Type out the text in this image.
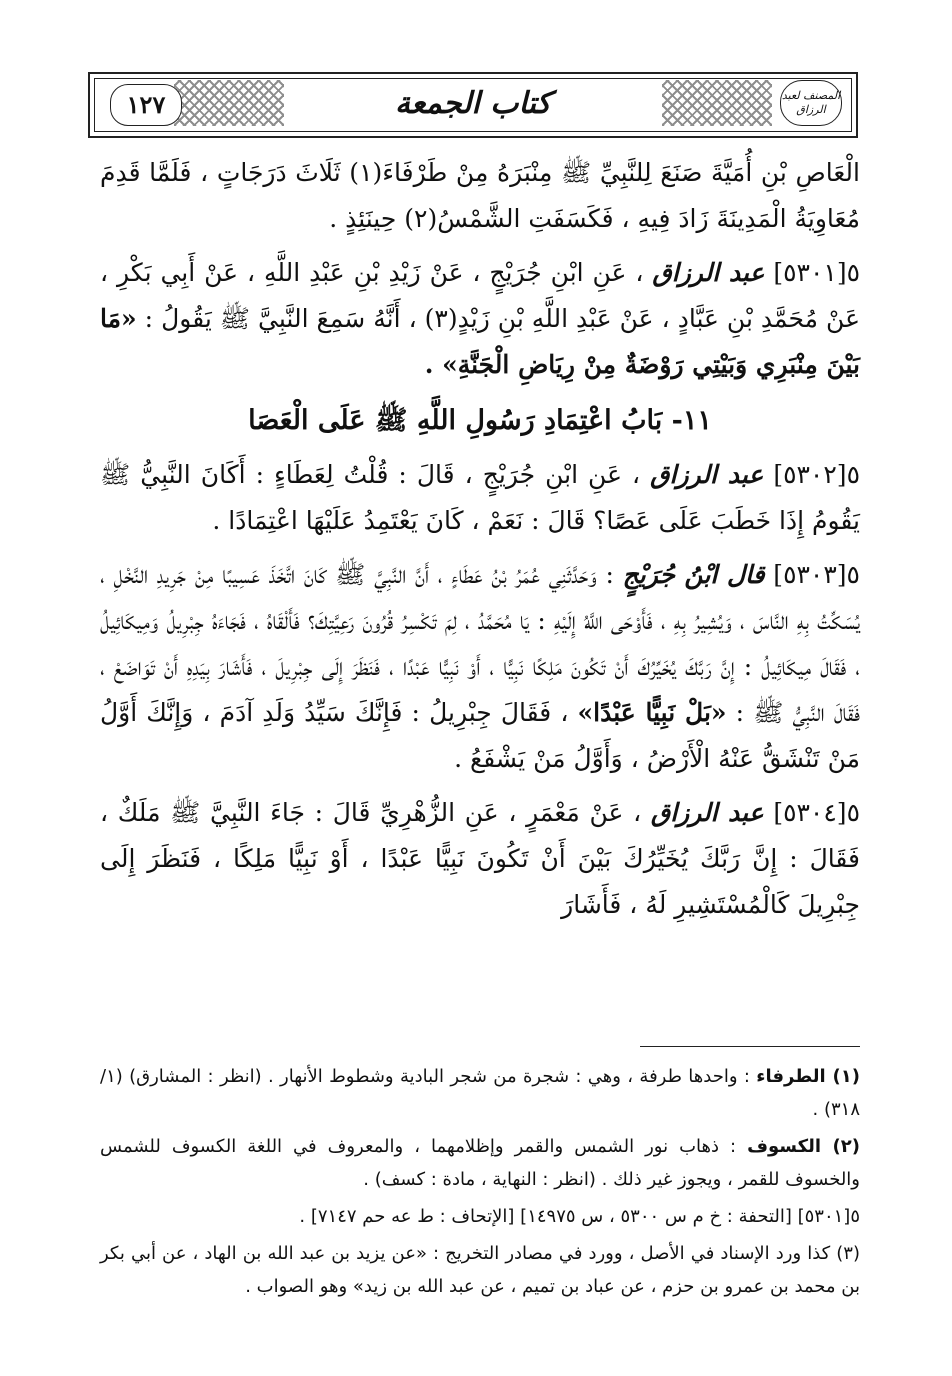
١٢٧	كتاب الجمعة	المصنف لعبد الرزاق

الْعَاصِ بْنِ أُمَيَّةَ صَنَعَ لِلنَّبِيِّ ﷺ مِنْبَرَهُ مِنْ طَرْفَاءَ(١) ثَلَاثَ دَرَجَاتٍ ، فَلَمَّا قَدِمَ مُعَاوِيَةُ الْمَدِينَةَ زَادَ فِيهِ ، فَكَسَفَتِ الشَّمْسُ(٢) حِينَئِذٍ .

٥[٥٣٠١] عبد الرزاق ، عَنِ ابْنِ جُرَيْجٍ ، عَنْ زَيْدِ بْنِ عَبْدِ اللَّهِ ، عَنْ أَبِي بَكْرِ ، عَنْ مُحَمَّدِ بْنِ عَبَّادٍ ، عَنْ عَبْدِ اللَّهِ بْنِ زَيْدٍ(٣) ، أَنَّهُ سَمِعَ النَّبِيَّ ﷺ يَقُولُ : «مَا بَيْنَ مِنْبَرِي وَبَيْتِي رَوْضَةٌ مِنْ رِيَاضِ الْجَنَّةِ» .

١١- بَابُ اعْتِمَادِ رَسُولِ اللَّهِ ﷺ عَلَى الْعَصَا

٥[٥٣٠٢] عبد الرزاق ، عَنِ ابْنِ جُرَيْجٍ ، قَالَ : قُلْتُ لِعَطَاءٍ : أَكَانَ النَّبِيُّ ﷺ يَقُومُ إِذَا خَطَبَ عَلَى عَصًا؟ قَالَ : نَعَمْ ، كَانَ يَعْتَمِدُ عَلَيْهَا اعْتِمَادًا .

٥[٥٣٠٣] قال ابْنُ جُرَيْجٍ : وَحَدَّثَنِي عُمَرُ بْنُ عَطَاءٍ ، أَنَّ النَّبِيَّ ﷺ كَانَ اتَّخَذَ عَسِيبًا مِنْ جَرِيدِ النَّخْلِ ، يُسَكِّتُ بِهِ النَّاسَ ، وَيُشِيرُ بِهِ ، فَأَوْحَى اللَّهُ إِلَيْهِ : يَا مُحَمَّدُ ، لِمَ تَكْسِرُ قُرُونَ رَعِيَّتِكَ؟ فَأَلْقَاهُ ، فَجَاءَهُ جِبْرِيلُ وَمِيكَائِيلُ ، فَقَالَ مِيكَائِيلُ : إِنَّ رَبَّكَ يُخَيِّرُكَ أَنْ تَكُونَ مَلِكًا نَبِيًّا ، أَوْ نَبِيًّا عَبْدًا ، فَنَظَرَ إِلَى جِبْرِيلَ ، فَأَشَارَ بِيَدِهِ أَنْ تَوَاضَعْ ، فَقَالَ النَّبِيُّ ﷺ : «بَلْ نَبِيًّا عَبْدًا» ، فَقَالَ جِبْرِيلُ : فَإِنَّكَ سَيِّدُ وَلَدِ آدَمَ ، وَإِنَّكَ أَوَّلُ مَنْ تَنْشَقُّ عَنْهُ الْأَرْضُ ، وَأَوَّلُ مَنْ يَشْفَعُ .

٥[٥٣٠٤] عبد الرزاق ، عَنْ مَعْمَرٍ ، عَنِ الزُّهْرِيِّ قَالَ : جَاءَ النَّبِيَّ ﷺ مَلَكٌ ، فَقَالَ : إِنَّ رَبَّكَ يُخَيِّرُكَ بَيْنَ أَنْ تَكُونَ نَبِيًّا عَبْدًا ، أَوْ نَبِيًّا مَلِكًا ، فَنَظَرَ إِلَى جِبْرِيلَ كَالْمُسْتَشِيرِ لَهُ ، فَأَشَارَ

(١) الطرفاء : واحدها طرفة ، وهي : شجرة من شجر البادية وشطوط الأنهار . (انظر : المشارق) (١/ ٣١٨) .

(٢) الكسوف : ذهاب نور الشمس والقمر وإظلامهما ، والمعروف في اللغة الكسوف للشمس والخسوف للقمر ، ويجوز غير ذلك . (انظر : النهاية ، مادة : كسف) .

٥[٥٣٠١] [التحفة : خ م س ٥٣٠٠ ، س ١٤٩٧٥] [الإتحاف : ط عه حم ٧١٤٧] .

(٣) كذا ورد الإسناد في الأصل ، وورد في مصادر التخريج : «عن يزيد بن عبد الله بن الهاد ، عن أبي بكر بن محمد بن عمرو بن حزم ، عن عباد بن تميم ، عن عبد الله بن زيد» وهو الصواب .
